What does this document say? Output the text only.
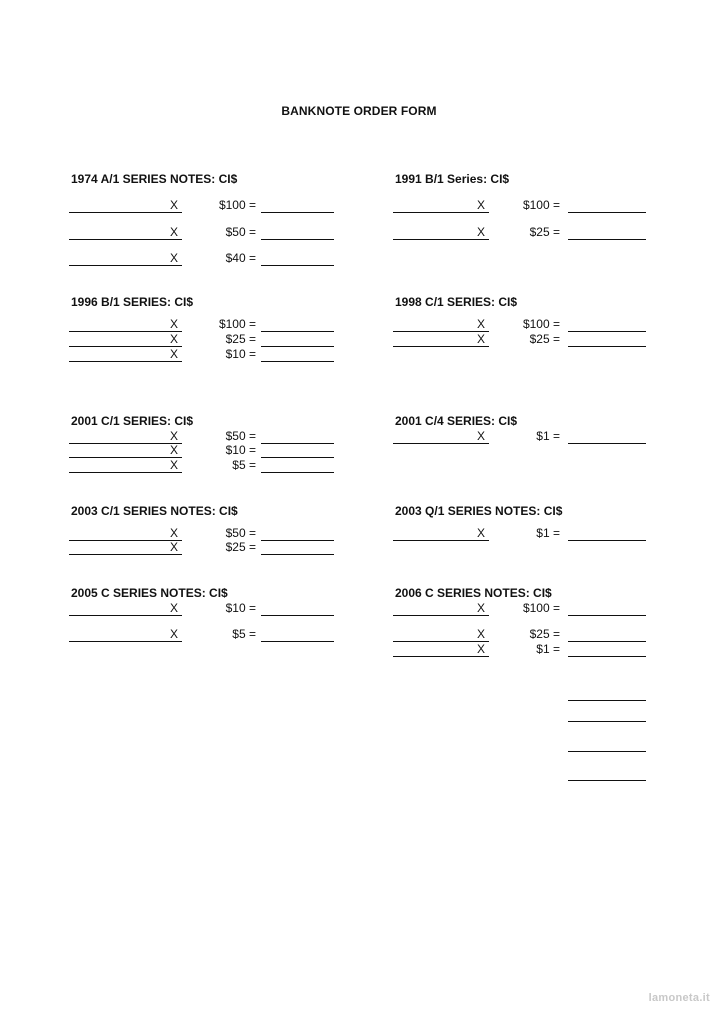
BANKNOTE ORDER FORM
1974 A/1 SERIES NOTES: CI$
X	$100 =
X	$50 =
X	$40 =
1991 B/1 Series: CI$
X	$100 =
X	$25 =
1996 B/1 SERIES: CI$
X	$100 =
X	$25 =
X	$10 =
1998 C/1 SERIES: CI$
X	$100 =
X	$25 =
2001 C/1 SERIES: CI$
X	$50 =
X	$10 =
X	$5 =
2001 C/4 SERIES: CI$
X	$1 =
2003 C/1 SERIES NOTES: CI$
X	$50 =
X	$25 =
2003 Q/1 SERIES NOTES: CI$
X	$1 =
2005 C SERIES NOTES: CI$
X	$10 =
X	$5 =
2006 C SERIES NOTES: CI$
X	$100 =
X	$25 =
X	$1 =
lamoneta.it
